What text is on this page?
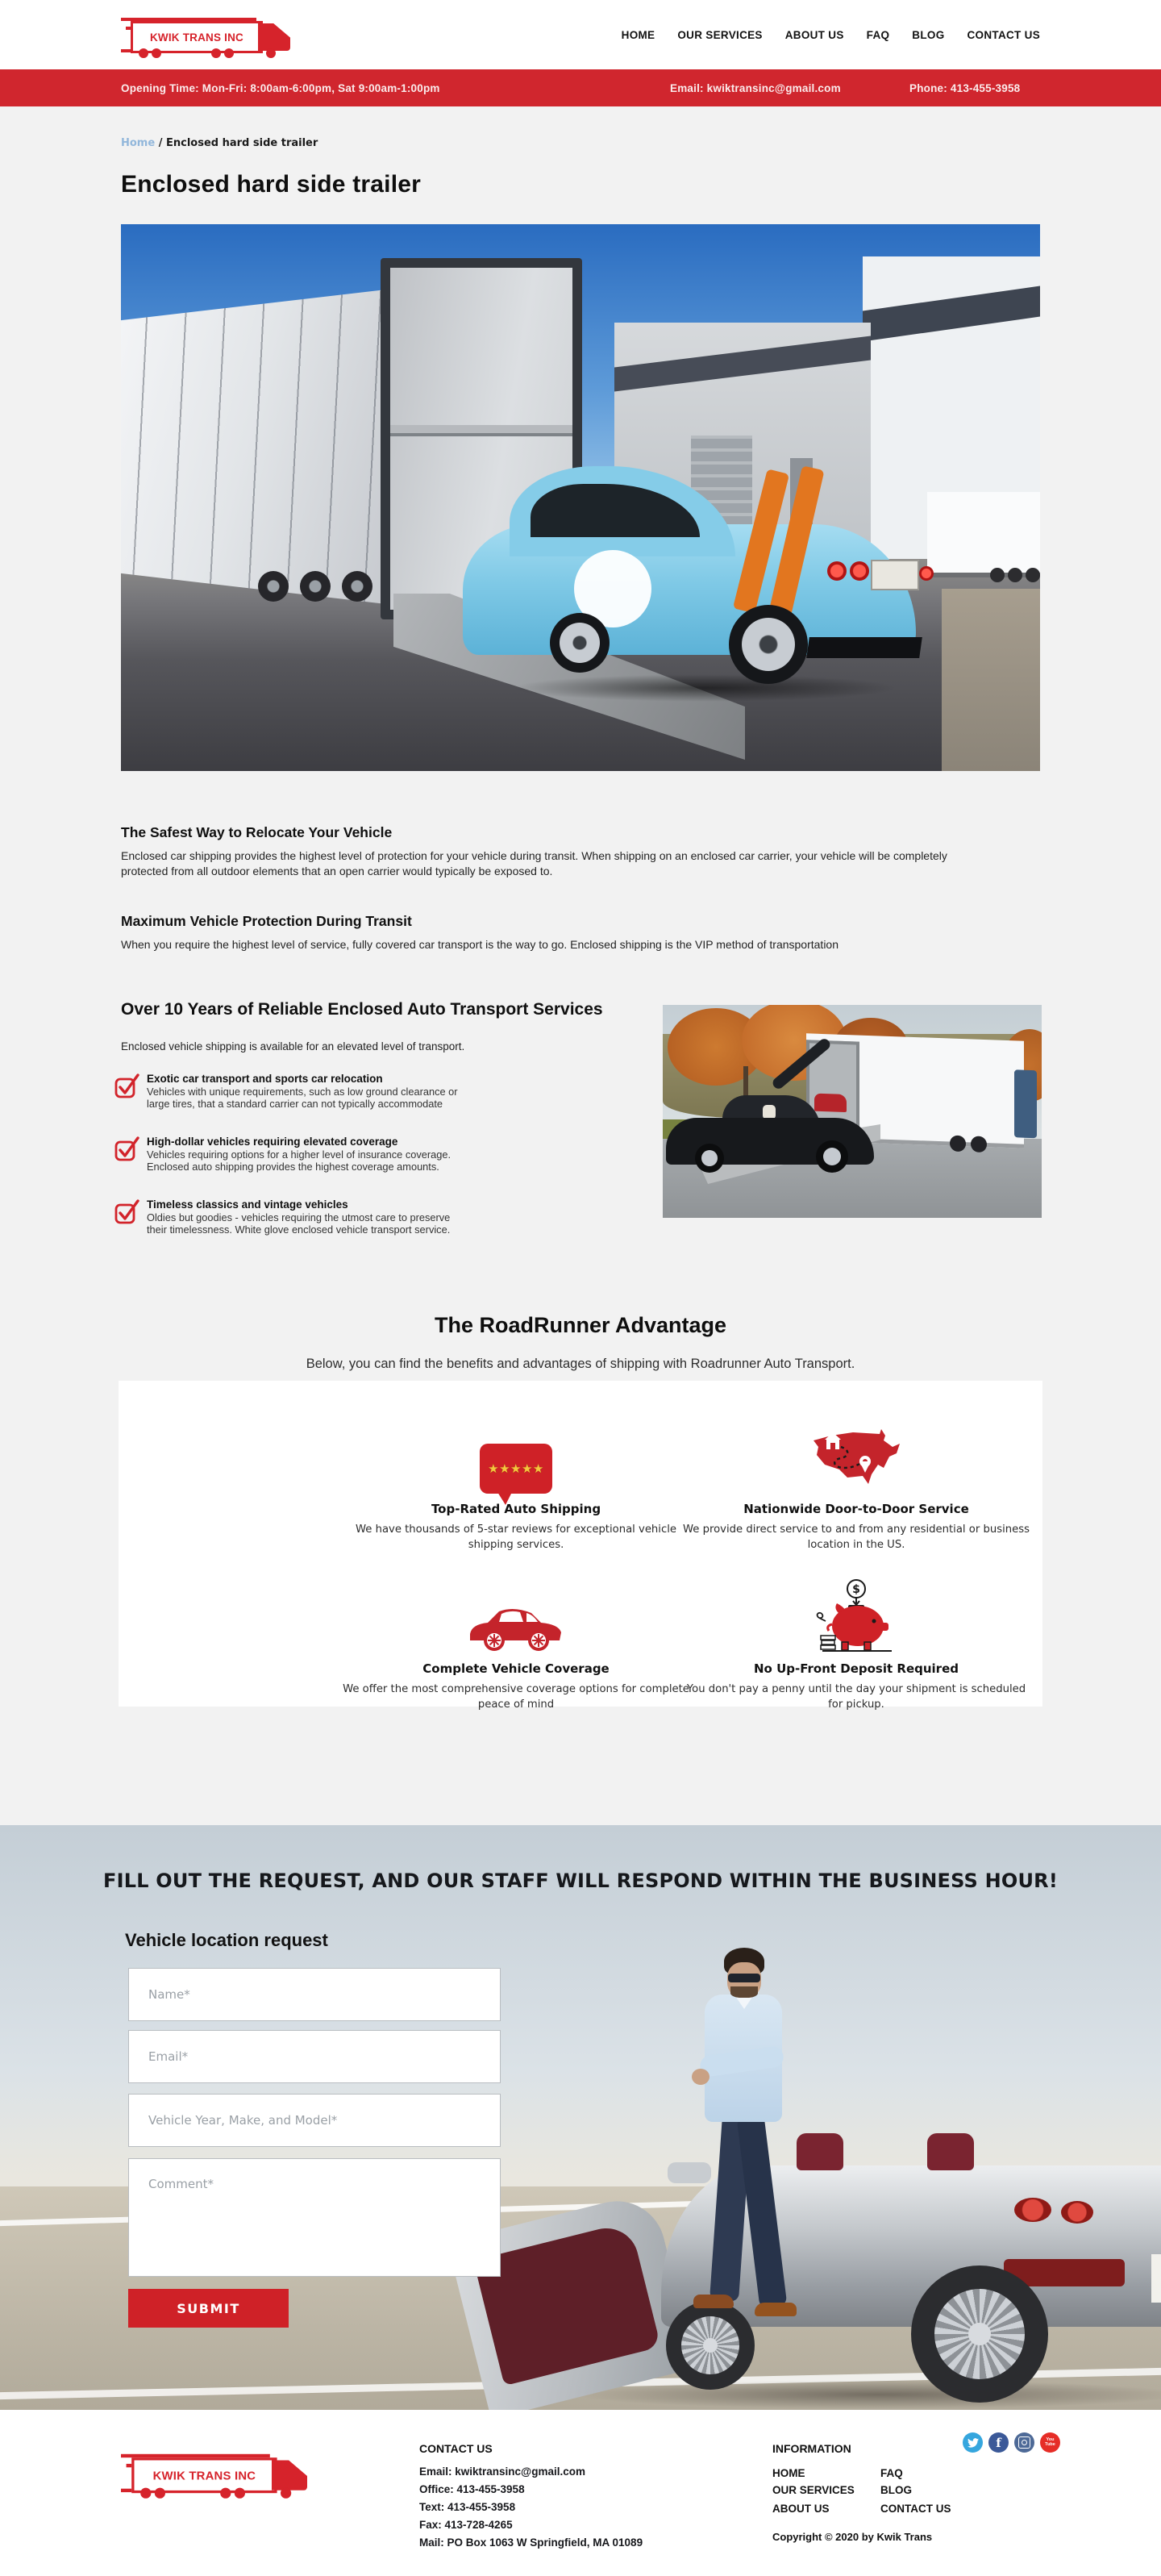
KWIK TRANS INC	HOME OUR SERVICES ABOUT US FAQ BLOG CONTACT US
Opening Time: Mon-Fri: 8:00am-6:00pm, Sat 9:00am-1:00pm	Email: kwiktransinc@gmail.com	Phone: 413-455-3958
Home / Enclosed hard side trailer
Enclosed hard side trailer
The Safest Way to Relocate Your Vehicle
Enclosed car shipping provides the highest level of protection for your vehicle during transit. When shipping on an enclosed car carrier, your vehicle will be completely protected from all outdoor elements that an open carrier would typically be exposed to.
Maximum Vehicle Protection During Transit
When you require the highest level of service, fully covered car transport is the way to go. Enclosed shipping is the VIP method of transportation
Over 10 Years of Reliable Enclosed Auto Transport Services
Enclosed vehicle shipping is available for an elevated level of transport.
Exotic car transport and sports car relocation
Vehicles with unique requirements, such as low ground clearance or large tires, that a standard carrier can not typically accommodate
High-dollar vehicles requiring elevated coverage
Vehicles requiring options for a higher level of insurance coverage. Enclosed auto shipping provides the highest coverage amounts.
Timeless classics and vintage vehicles
Oldies but goodies - vehicles requiring the utmost care to preserve their timelessness. White glove enclosed vehicle transport service.
The RoadRunner Advantage
Below, you can find the benefits and advantages of shipping with Roadrunner Auto Transport.
★★★★★
Top-Rated Auto Shipping
We have thousands of 5-star reviews for exceptional vehicle shipping services.
Nationwide Door-to-Door Service
We provide direct service to and from any residential or business location in the US.
Complete Vehicle Coverage
We offer the most comprehensive coverage options for complete peace of mind
$
No Up-Front Deposit Required
You don't pay a penny until the day your shipment is scheduled for pickup.
FILL OUT THE REQUEST, AND OUR STAFF WILL RESPOND WITHIN THE BUSINESS HOUR!
Vehicle location request
Name*
Email*
Vehicle Year, Make, and Model*
Comment*
SUBMIT
KWIK TRANS INC
CONTACT US
Email: kwiktransinc@gmail.com
Office: 413-455-3958
Text: 413-455-3958
Fax: 413-728-4265
Mail: PO Box 1063 W Springfield, MA 01089
INFORMATION
HOME
OUR SERVICES
ABOUT US
FAQ
BLOG
CONTACT US
Copyright © 2020 by Kwik Trans
f	You
Tube
